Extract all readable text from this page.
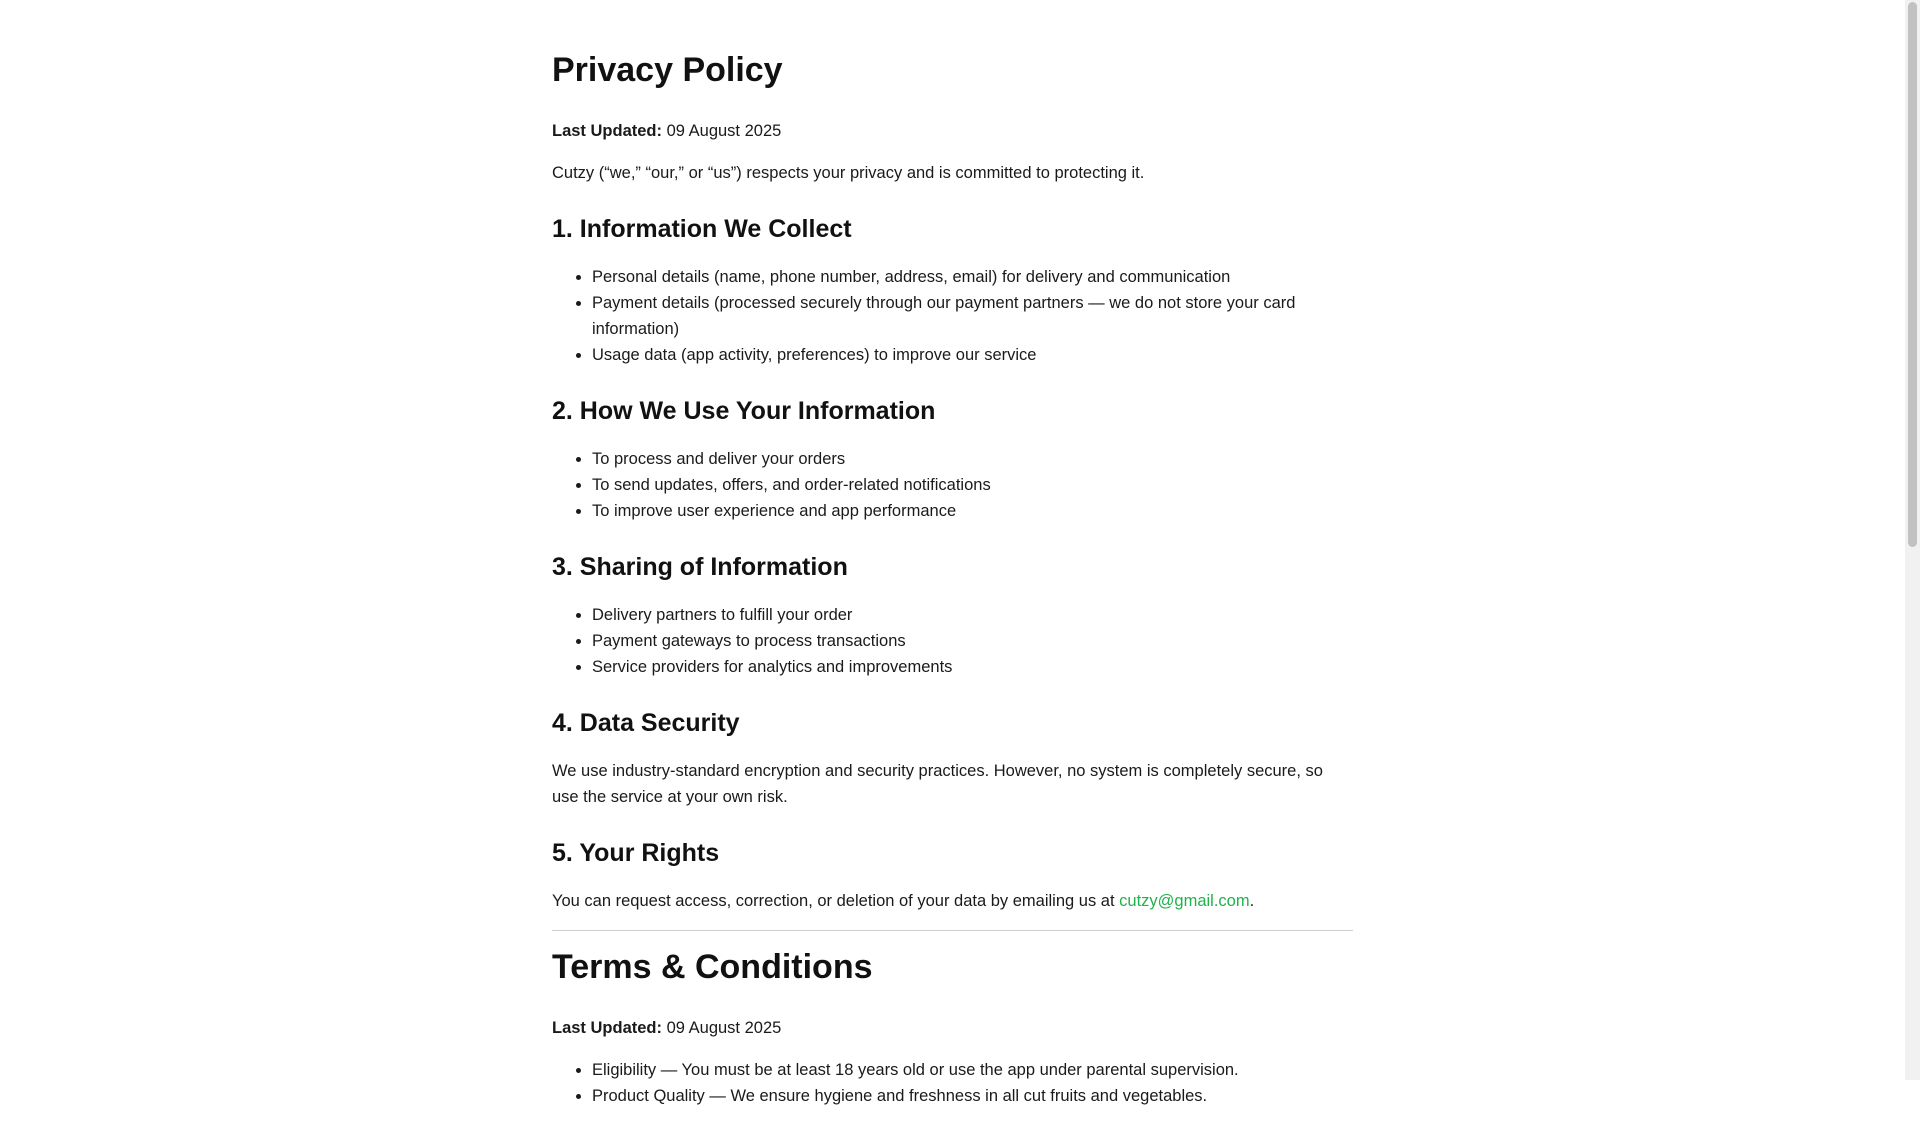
Privacy Policy

Last Updated: 09 August 2025

Cutzy (“we,” “our,” or “us”) respects your privacy and is committed to protecting it.

1. Information We Collect
• Personal details (name, phone number, address, email) for delivery and communication
• Payment details (processed securely through our payment partners — we do not store your card information)
• Usage data (app activity, preferences) to improve our service
2. How We Use Your Information
• To process and deliver your orders
• To send updates, offers, and order-related notifications
• To improve user experience and app performance
3. Sharing of Information
• Delivery partners to fulfill your order
• Payment gateways to process transactions
• Service providers for analytics and improvements
4. Data Security

We use industry-standard encryption and security practices. However, no system is completely secure, so use the service at your own risk.

5. Your Rights

You can request access, correction, or deletion of your data by emailing us at cutzy@gmail.com.

Terms & Conditions

Last Updated: 09 August 2025

• Eligibility — You must be at least 18 years old or use the app under parental supervision.
• Product Quality — We ensure hygiene and freshness in all cut fruits and vegetables.
